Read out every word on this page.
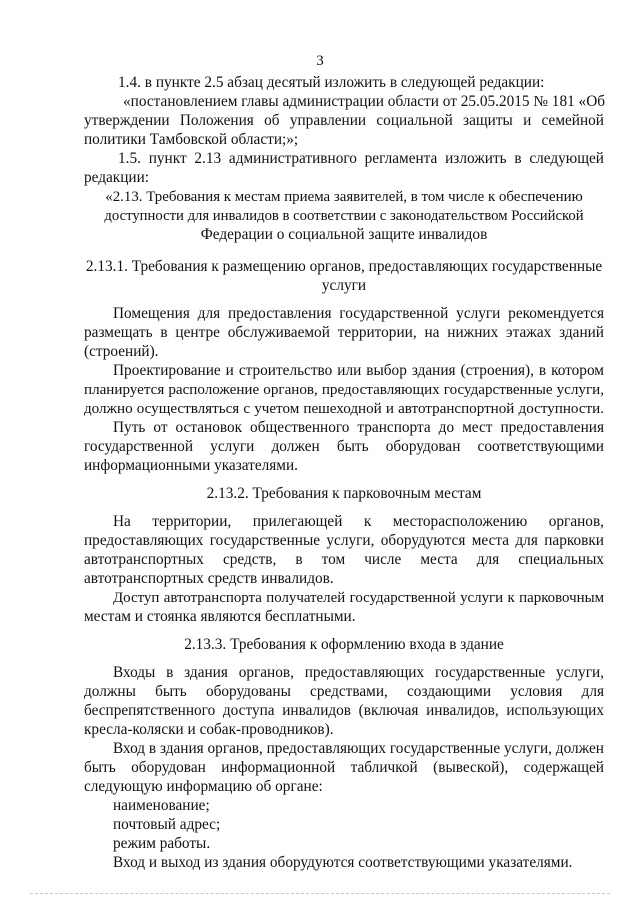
3
1.4. в пункте 2.5 абзац десятый изложить в следующей редакции:
«постановлением главы администрации области от 25.05.2015 № 181 «Об
утверждении Положения об управлении социальной защиты и семейной
политики Тамбовской области;»;
1.5. пункт 2.13 административного регламента изложить в следующей
редакции:
«2.13. Требования к местам приема заявителей, в том числе к обеспечению
доступности для инвалидов в соответствии с законодательством Российской
Федерации о социальной защите инвалидов
2.13.1. Требования к размещению органов, предоставляющих государственные
услуги
Помещения для предоставления государственной услуги рекомендуется
размещать в центре обслуживаемой территории, на нижних этажах зданий
(строений).
Проектирование и строительство или выбор здания (строения), в котором
планируется расположение органов, предоставляющих государственные услуги,
должно осуществляться с учетом пешеходной и автотранспортной доступности.
Путь от остановок общественного транспорта до мест предоставления
государственной услуги должен быть оборудован соответствующими
информационными указателями.
2.13.2. Требования к парковочным местам
На территории, прилегающей к месторасположению органов,
предоставляющих государственные услуги, оборудуются места для парковки
автотранспортных средств, в том числе места для специальных
автотранспортных средств инвалидов.
Доступ автотранспорта получателей государственной услуги к парковочным
местам и стоянка являются бесплатными.
2.13.3. Требования к оформлению входа в здание
Входы в здания органов, предоставляющих государственные услуги,
должны быть оборудованы средствами, создающими условия для
беспрепятственного доступа инвалидов (включая инвалидов, использующих
кресла-коляски и собак-проводников).
Вход в здания органов, предоставляющих государственные услуги, должен
быть оборудован информационной табличкой (вывеской), содержащей
следующую информацию об органе:
наименование;
почтовый адрес;
режим работы.
Вход и выход из здания оборудуются соответствующими указателями.
